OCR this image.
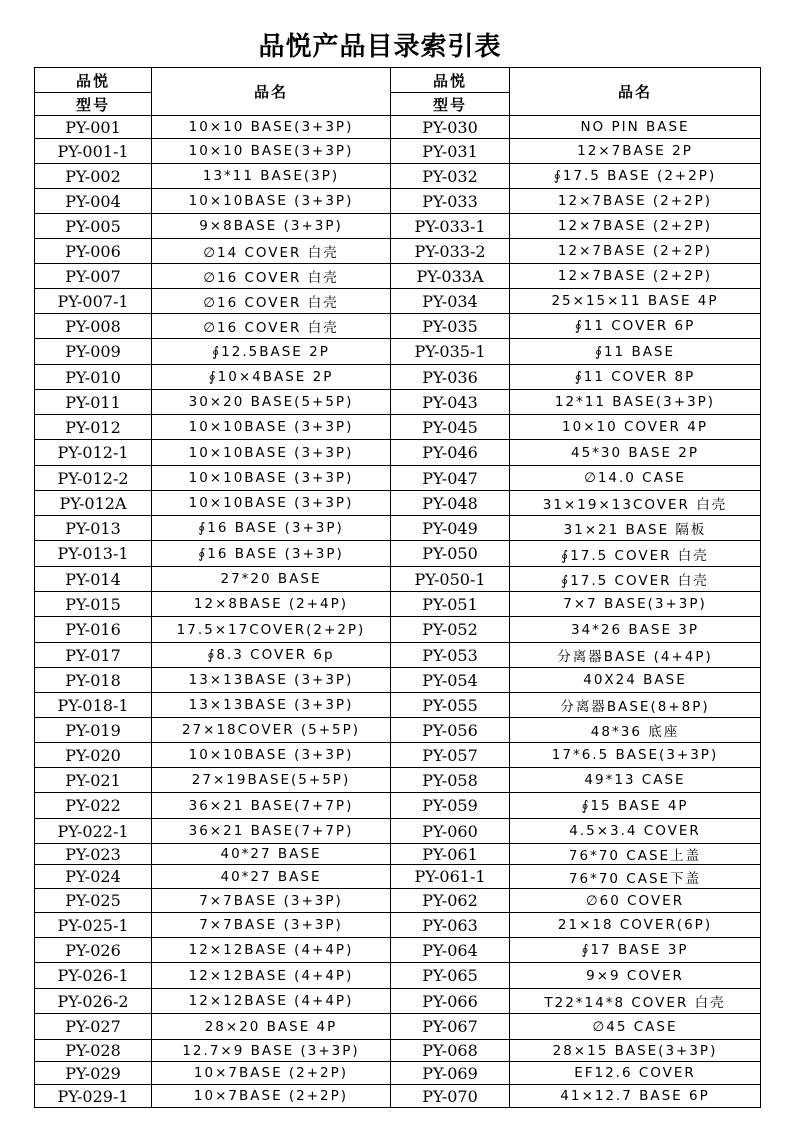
品悦产品目录索引表
品悦	品名	品悦	品名
型号		型号	
PY-001	10×10 BASE(3+3P)	PY-030	NO PIN BASE
PY-001-1	10×10 BASE(3+3P)	PY-031	12×7BASE 2P
PY-002	13*11 BASE(3P)	PY-032	∮17.5 BASE (2+2P)
PY-004	10×10BASE (3+3P)	PY-033	12×7BASE (2+2P)
PY-005	9×8BASE (3+3P)	PY-033-1	12×7BASE (2+2P)
PY-006	∅14 COVER 白壳	PY-033-2	12×7BASE (2+2P)
PY-007	∅16 COVER 白壳	PY-033A	12×7BASE (2+2P)
PY-007-1	∅16 COVER 白壳	PY-034	25×15×11 BASE 4P
PY-008	∅16 COVER 白壳	PY-035	∮11 COVER 6P
PY-009	∮12.5BASE 2P	PY-035-1	∮11 BASE
PY-010	∮10×4BASE 2P	PY-036	∮11 COVER 8P
PY-011	30×20 BASE(5+5P)	PY-043	12*11 BASE(3+3P)
PY-012	10×10BASE (3+3P)	PY-045	10×10 COVER 4P
PY-012-1	10×10BASE (3+3P)	PY-046	45*30 BASE 2P
PY-012-2	10×10BASE (3+3P)	PY-047	∅14.0 CASE
PY-012A	10×10BASE (3+3P)	PY-048	31×19×13COVER 白壳
PY-013	∮16 BASE (3+3P)	PY-049	31×21 BASE 隔板
PY-013-1	∮16 BASE (3+3P)	PY-050	∮17.5 COVER 白壳
PY-014	27*20 BASE	PY-050-1	∮17.5 COVER 白壳
PY-015	12×8BASE (2+4P)	PY-051	7×7 BASE(3+3P)
PY-016	17.5×17COVER(2+2P)	PY-052	34*26 BASE 3P
PY-017	∮8.3 COVER 6p	PY-053	分离器BASE (4+4P)
PY-018	13×13BASE (3+3P)	PY-054	40X24 BASE
PY-018-1	13×13BASE (3+3P)	PY-055	分离器BASE(8+8P)
PY-019	27×18COVER (5+5P)	PY-056	48*36 底座
PY-020	10×10BASE (3+3P)	PY-057	17*6.5 BASE(3+3P)
PY-021	27×19BASE(5+5P)	PY-058	49*13 CASE
PY-022	36×21 BASE(7+7P)	PY-059	∮15 BASE 4P
PY-022-1	36×21 BASE(7+7P)	PY-060	4.5×3.4 COVER
PY-023	40*27 BASE	PY-061	76*70 CASE上盖
PY-024	40*27 BASE	PY-061-1	76*70 CASE下盖
PY-025	7×7BASE (3+3P)	PY-062	∅60 COVER
PY-025-1	7×7BASE (3+3P)	PY-063	21×18 COVER(6P)
PY-026	12×12BASE (4+4P)	PY-064	∮17 BASE 3P
PY-026-1	12×12BASE (4+4P)	PY-065	9×9 COVER
PY-026-2	12×12BASE (4+4P)	PY-066	T22*14*8 COVER 白壳
PY-027	28×20 BASE 4P	PY-067	∅45 CASE
PY-028	12.7×9 BASE (3+3P)	PY-068	28×15 BASE(3+3P)
PY-029	10×7BASE (2+2P)	PY-069	EF12.6 COVER
PY-029-1	10×7BASE (2+2P)	PY-070	41×12.7 BASE 6P
